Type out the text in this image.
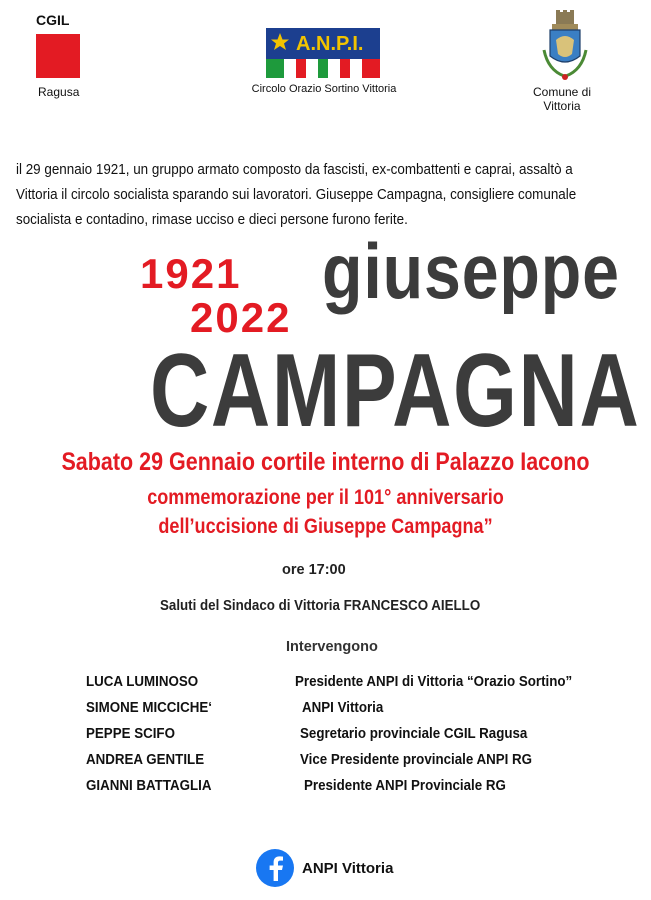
CGIL
Ragusa
A.N.P.I.
Circolo Orazio Sortino Vittoria	Comune di Vittoria
il 29 gennaio 1921, un gruppo armato composto da fascisti, ex-combattenti e caprai, assaltò a Vittoria il circolo socialista sparando sui lavoratori. Giuseppe Campagna, consigliere comunale socialista e contadino, rimase ucciso e dieci persone furono ferite.
1921
2022
giuseppe
CAMPAGNA
Sabato 29 Gennaio cortile interno di Palazzo Iacono
commemorazione per il 101° anniversario
dell’uccisione di Giuseppe Campagna”
ore 17:00
Saluti del Sindaco di Vittoria FRANCESCO AIELLO
Intervengono
LUCA LUMINOSO	Presidente ANPI di Vittoria “Orazio Sortino”
SIMONE MICCICHE‘	ANPI Vittoria
PEPPE SCIFO	Segretario provinciale CGIL Ragusa
ANDREA GENTILE	Vice Presidente provinciale ANPI RG
GIANNI BATTAGLIA	Presidente ANPI Provinciale RG
ANPI Vittoria
